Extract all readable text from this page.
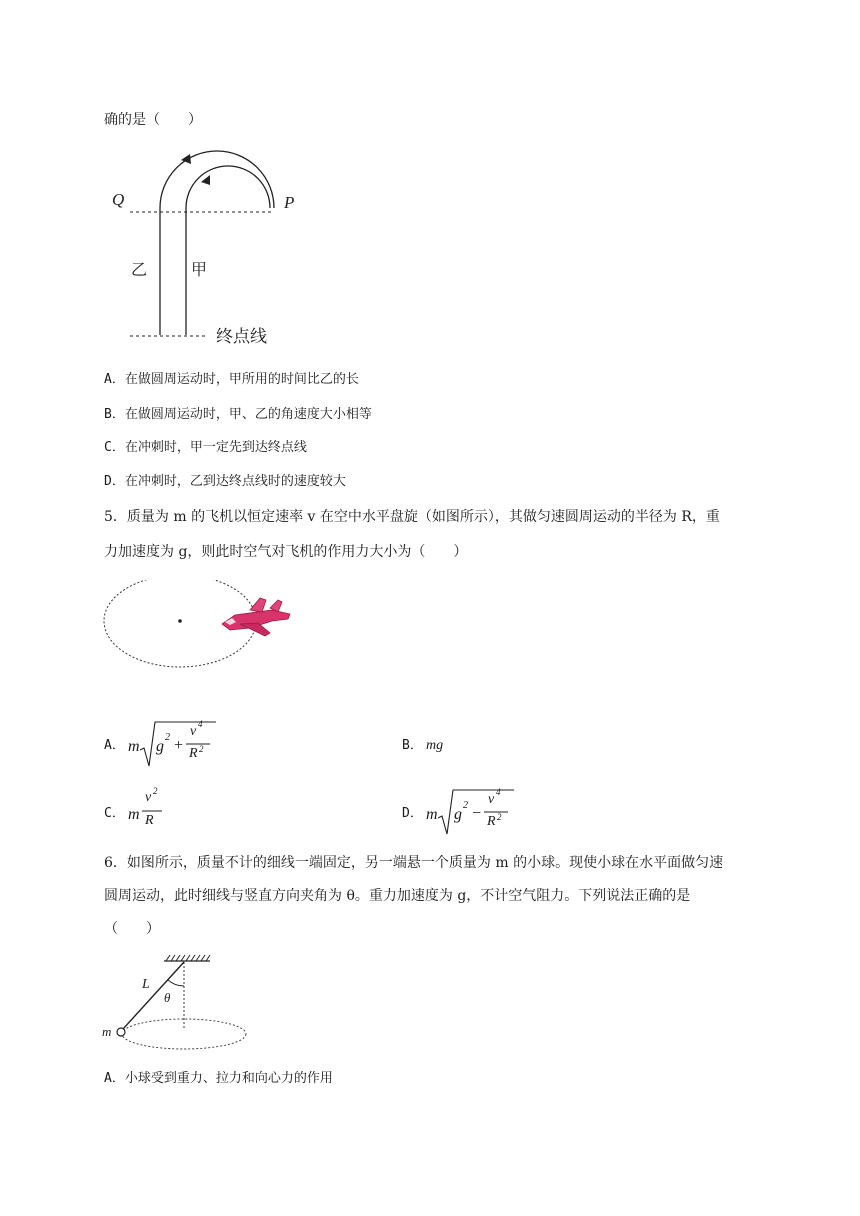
确的是（　　）
Q	P
乙	甲
终点线
A．在做圆周运动时，甲所用的时间比乙的长
B．在做圆周运动时，甲、乙的角速度大小相等
C．在冲刺时，甲一定先到达终点线
D．在冲刺时，乙到达终点线时的速度较大
5．质量为 m 的飞机以恒定速率 v 在空中水平盘旋（如图所示），其做匀速圆周运动的半径为 R，重
力加速度为 g，则此时空气对飞机的作用力大小为（　　）
A． m g
2 +
v 4
R 2	B． mg
C． m
v 2
R	D． m g
2 −
v 4
R 2
6．如图所示，质量不计的细线一端固定，另一端悬一个质量为 m 的小球。现使小球在水平面做匀速
圆周运动，此时细线与竖直方向夹角为 θ。重力加速度为 g，不计空气阻力。下列说法正确的是
（　　）
L
θ
m
A．小球受到重力、拉力和向心力的作用
